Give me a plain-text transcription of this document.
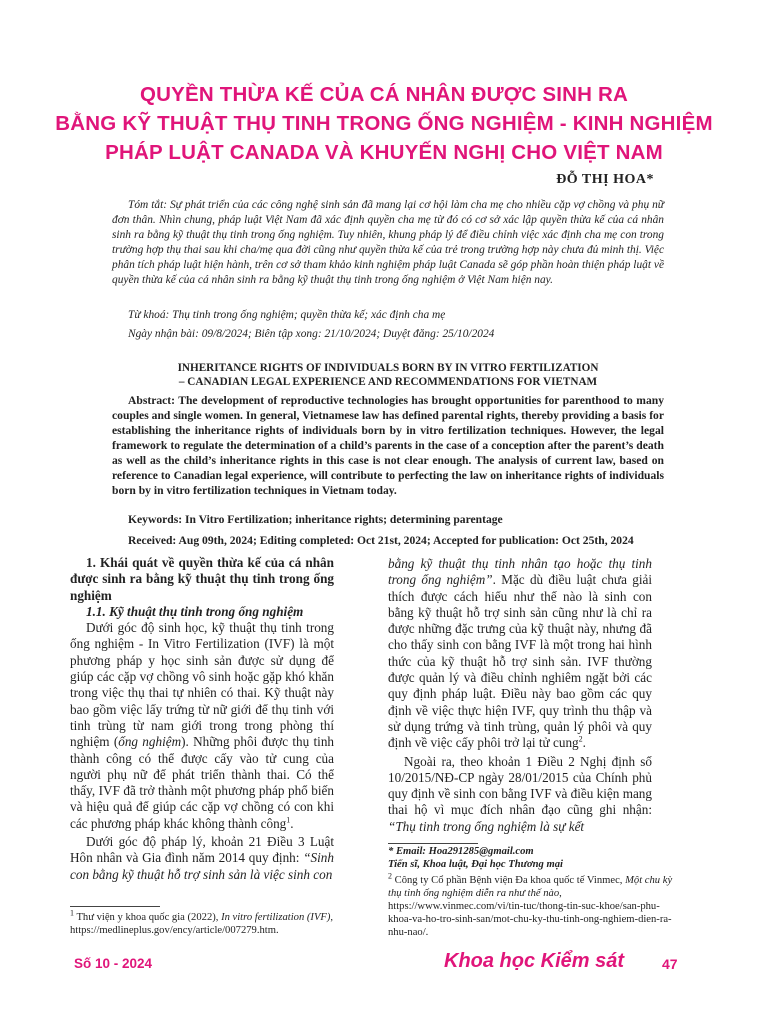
QUYỀN THỪA KẾ CỦA CÁ NHÂN ĐƯỢC SINH RA
BẰNG KỸ THUẬT THỤ TINH TRONG ỐNG NGHIỆM - KINH NGHIỆM
PHÁP LUẬT CANADA VÀ KHUYẾN NGHỊ CHO VIỆT NAM
ĐỖ THỊ HOA*

Tóm tắt: Sự phát triển của các công nghệ sinh sản đã mang lại cơ hội làm cha mẹ cho nhiều cặp vợ chồng và phụ nữ đơn thân. Nhìn chung, pháp luật Việt Nam đã xác định quyền cha mẹ từ đó có cơ sở xác lập quyền thừa kế của cá nhân sinh ra bằng kỹ thuật thụ tinh trong ống nghiệm. Tuy nhiên, khung pháp lý để điều chỉnh việc xác định cha mẹ con trong trường hợp thụ thai sau khi cha/mẹ qua đời cũng như quyền thừa kế của trẻ trong trường hợp này chưa đủ minh thị. Việc phân tích pháp luật hiện hành, trên cơ sở tham khảo kinh nghiệm pháp luật Canada sẽ góp phần hoàn thiện pháp luật về quyền thừa kế của cá nhân sinh ra bằng kỹ thuật thụ tinh trong ống nghiệm ở Việt Nam hiện nay.

Từ khoá: Thụ tinh trong ống nghiệm; quyền thừa kế; xác định cha mẹ
Ngày nhận bài: 09/8/2024; Biên tập xong: 21/10/2024; Duyệt đăng: 25/10/2024
INHERITANCE RIGHTS OF INDIVIDUALS BORN BY IN VITRO FERTILIZATION
– CANADIAN LEGAL EXPERIENCE AND RECOMMENDATIONS FOR VIETNAM

Abstract: The development of reproductive technologies has brought opportunities for parenthood to many couples and single women. In general, Vietnamese law has defined parental rights, thereby providing a basis for establishing the inheritance rights of individuals born by in vitro fertilization techniques. However, the legal framework to regulate the determination of a child’s parents in the case of a conception after the parent’s death as well as the child’s inheritance rights in this case is not clear enough. The analysis of current law, based on reference to Canadian legal experience, will contribute to perfecting the law on inheritance rights of individuals born by in vitro fertilization techniques in Vietnam today.

Keywords: In Vitro Fertilization; inheritance rights; determining parentage
Received: Aug 09th, 2024; Editing completed: Oct 21st, 2024; Accepted for publication: Oct 25th, 2024

1. Khái quát về quyền thừa kế của cá nhân được sinh ra bằng kỹ thuật thụ tinh trong ống nghiệm

1.1. Kỹ thuật thụ tinh trong ống nghiệm

Dưới góc độ sinh học, kỹ thuật thụ tinh trong ống nghiệm - In Vitro Fertilization (IVF) là một phương pháp y học sinh sản được sử dụng để giúp các cặp vợ chồng vô sinh hoặc gặp khó khăn trong việc thụ thai tự nhiên có thai. Kỹ thuật này bao gồm việc lấy trứng từ nữ giới để thụ tinh với tinh trùng từ nam giới trong trong phòng thí nghiệm (ống nghiệm). Những phôi được thụ tinh thành công có thể được cấy vào tử cung của người phụ nữ để phát triển thành thai. Có thể thấy, IVF đã trở thành một phương pháp phổ biến và hiệu quả để giúp các cặp vợ chồng có con khi các phương pháp khác không thành công$^1$.

Dưới góc độ pháp lý, khoản 21 Điều 3 Luật Hôn nhân và Gia đình năm 2014 quy định: “Sinh con bằng kỹ thuật hỗ trợ sinh sản là việc sinh con

$^1$ Thư viện y khoa quốc gia (2022), In vitro fertilization (IVF), https://medlineplus.gov/ency/article/007279.htm.

bằng kỹ thuật thụ tinh nhân tạo hoặc thụ tinh trong ống nghiệm”. Mặc dù điều luật chưa giải thích được cách hiểu như thế nào là sinh con bằng kỹ thuật hỗ trợ sinh sản cũng như là chỉ ra được những đặc trưng của kỹ thuật này, nhưng đã cho thấy sinh con bằng IVF là một trong hai hình thức của kỹ thuật hỗ trợ sinh sản. IVF thường được quản lý và điều chỉnh nghiêm ngặt bởi các quy định pháp luật. Điều này bao gồm các quy định về việc thực hiện IVF, quy trình thu thập và sử dụng trứng và tinh trùng, quản lý phôi và quy định về việc cấy phôi trở lại tử cung$^2$.

Ngoài ra, theo khoản 1 Điều 2 Nghị định số 10/2015/NĐ-CP ngày 28/01/2015 của Chính phủ quy định về sinh con bằng IVF và điều kiện mang thai hộ vì mục đích nhân đạo cũng ghi nhận: “Thụ tinh trong ống nghiệm là sự kết

* Email: Hoa291285@gmail.com
Tiến sĩ, Khoa luật, Đại học Thương mại
$^2$ Công ty Cổ phần Bệnh viện Đa khoa quốc tế Vinmec, Một chu kỳ thụ tinh ống nghiệm diễn ra như thế nào, https://www.vinmec.com/vi/tin-tuc/thong-tin-suc-khoe/san-phu-khoa-va-ho-tro-sinh-san/mot-chu-ky-thu-tinh-ong-nghiem-dien-ra-nhu-nao/.
Số 10 - 2024	Khoa học Kiểm sát	47
